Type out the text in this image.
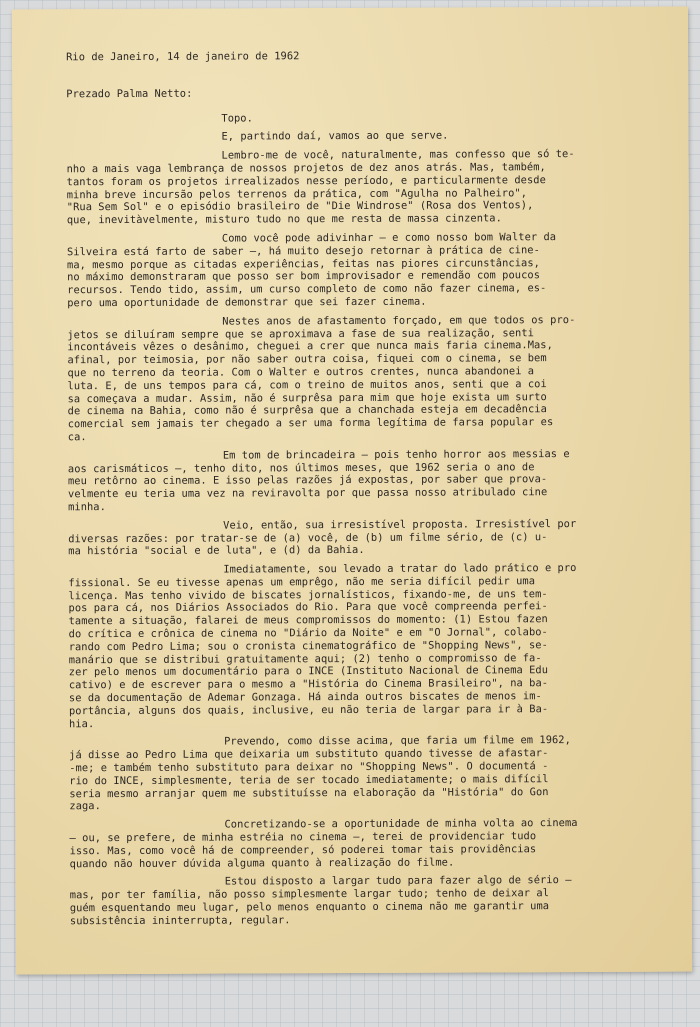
Rio de Janeiro, 14 de janeiro de 1962
Prezado Palma Netto:
Topo.
E, partindo daí, vamos ao que serve.
Lembro-me de você, naturalmente, mas confesso que só te-
nho a mais vaga lembrança de nossos projetos de dez anos atrás. Mas, também,
tantos foram os projetos irrealizados nesse período, e particularmente desde
minha breve incursão pelos terrenos da prática, com "Agulha no Palheiro",
"Rua Sem Sol" e o episódio brasileiro de "Die Windrose" (Rosa dos Ventos),
que, inevitàvelmente, misturo tudo no que me resta de massa cinzenta.
Como você pode adivinhar — e como nosso bom Walter da
Silveira está farto de saber —, há muito desejo retornar à prática de cine-
ma, mesmo porque as citadas experiências, feitas nas piores circunstâncias,
no máximo demonstraram que posso ser bom improvisador e remendão com poucos
recursos. Tendo tido, assim, um curso completo de como não fazer cinema, es-
pero uma oportunidade de demonstrar que sei fazer cinema.
Nestes anos de afastamento forçado, em que todos os pro-
jetos se diluíram sempre que se aproximava a fase de sua realização, senti
incontáveis vêzes o desânimo, cheguei a crer que nunca mais faria cinema.Mas,
afinal, por teimosia, por não saber outra coisa, fiquei com o cinema, se bem
que no terreno da teoria. Com o Walter e outros crentes, nunca abandonei a
luta. E, de uns tempos para cá, com o treino de muitos anos, senti que a coi
sa começava a mudar. Assim, não é surprêsa para mim que hoje exista um surto
de cinema na Bahia, como não é surprêsa que a chanchada esteja em decadência
comercial sem jamais ter chegado a ser uma forma legítima de farsa popular es
ca.
Em tom de brincadeira — pois tenho horror aos messias e
aos carismáticos —, tenho dito, nos últimos meses, que 1962 seria o ano de
meu retôrno ao cinema. E isso pelas razões já expostas, por saber que prova-
velmente eu teria uma vez na reviravolta por que passa nosso atribulado cine
minha.
Veio, então, sua irresistível proposta. Irresistível por
diversas razões: por tratar-se de (a) você, de (b) um filme sério, de (c) u-
ma história "social e de luta", e (d) da Bahia.
Imediatamente, sou levado a tratar do lado prático e pro
fissional. Se eu tivesse apenas um emprêgo, não me seria difícil pedir uma
licença. Mas tenho vivido de biscates jornalísticos, fixando-me, de uns tem-
pos para cá, nos Diários Associados do Rio. Para que você compreenda perfei-
tamente a situação, falarei de meus compromissos do momento: (1) Estou fazen
do crítica e crônica de cinema no "Diário da Noite" e em "O Jornal", colabo-
rando com Pedro Lima; sou o cronista cinematográfico de "Shopping News", se-
manário que se distribui gratuitamente aqui; (2) tenho o compromisso de fa-
zer pelo menos um documentário para o INCE (Instituto Nacional de Cinema Edu
cativo) e de escrever para o mesmo a "História do Cinema Brasileiro", na ba-
se da documentação de Ademar Gonzaga. Há ainda outros biscates de menos im-
portância, alguns dos quais, inclusive, eu não teria de largar para ir à Ba-
hia.
Prevendo, como disse acima, que faria um filme em 1962,
já disse ao Pedro Lima que deixaria um substituto quando tivesse de afastar-
-me; e também tenho substituto para deixar no "Shopping News". O documentá -
rio do INCE, simplesmente, teria de ser tocado imediatamente; o mais difícil
seria mesmo arranjar quem me substituísse na elaboração da "História" do Gon
zaga.
Concretizando-se a oportunidade de minha volta ao cinema
— ou, se prefere, de minha estréia no cinema —, terei de providenciar tudo
isso. Mas, como você há de compreender, só poderei tomar tais providências
quando não houver dúvida alguma quanto à realização do filme.
Estou disposto a largar tudo para fazer algo de sério —
mas, por ter família, não posso simplesmente largar tudo; tenho de deixar al
guém esquentando meu lugar, pelo menos enquanto o cinema não me garantir uma
subsistência ininterrupta, regular.
